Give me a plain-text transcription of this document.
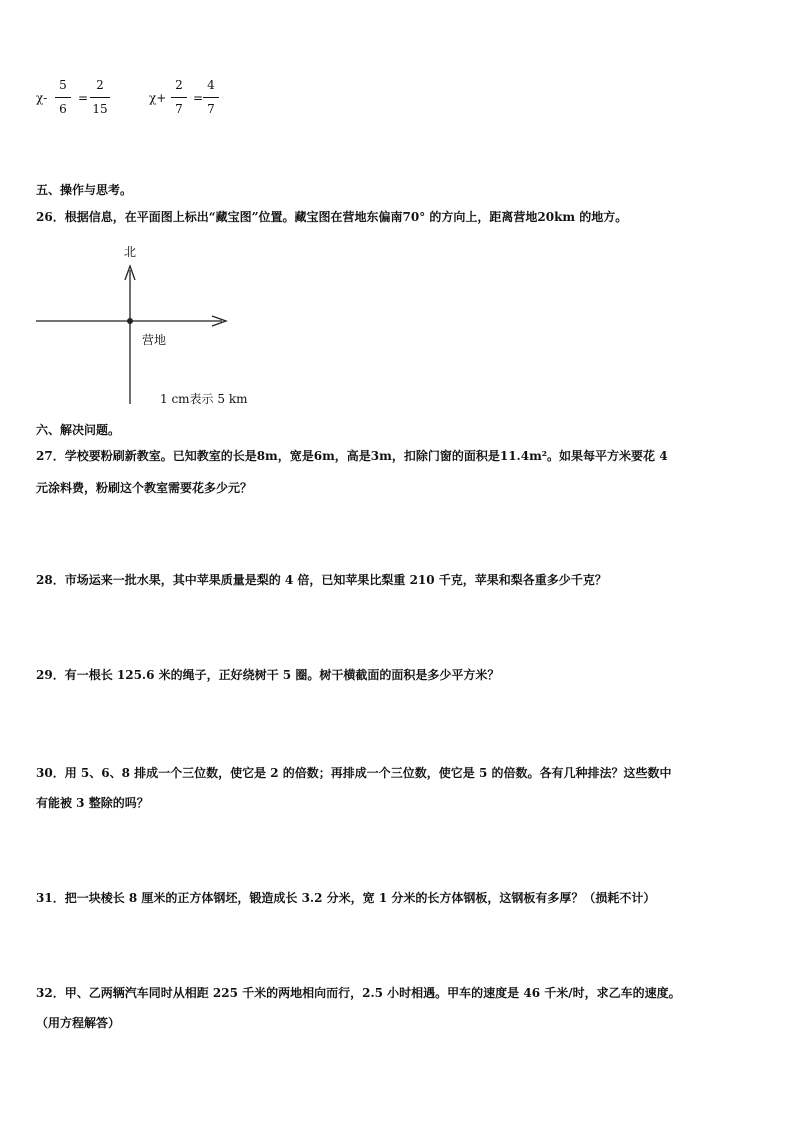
χ-
5
6
=
2
15
χ+
2
7
=
4
7
五、操作与思考。
26．根据信息，在平面图上标出“藏宝图”位置。藏宝图在营地东偏南70° 的方向上，距离营地20km 的地方。
北
营地
1 cm表示 5 km
六、解决问题。
27．学校要粉刷新教室。已知教室的长是8m，宽是6m，高是3m，扣除门窗的面积是11.4m²。如果每平方米要花 4
元涂料费，粉刷这个教室需要花多少元？
28．市场运来一批水果，其中苹果质量是梨的 4 倍，已知苹果比梨重 210 千克，苹果和梨各重多少千克？
29．有一根长 125.6 米的绳子，正好绕树干 5 圈。树干横截面的面积是多少平方米？
30．用 5、6、8 排成一个三位数，使它是 2 的倍数；再排成一个三位数，使它是 5 的倍数。各有几种排法？这些数中
有能被 3 整除的吗？
31．把一块棱长 8 厘米的正方体钢坯，锻造成长 3.2 分米，宽 1 分米的长方体钢板，这钢板有多厚？（损耗不计）
32．甲、乙两辆汽车同时从相距 225 千米的两地相向而行，2.5 小时相遇。甲车的速度是 46 千米/时，求乙车的速度。
（用方程解答）
